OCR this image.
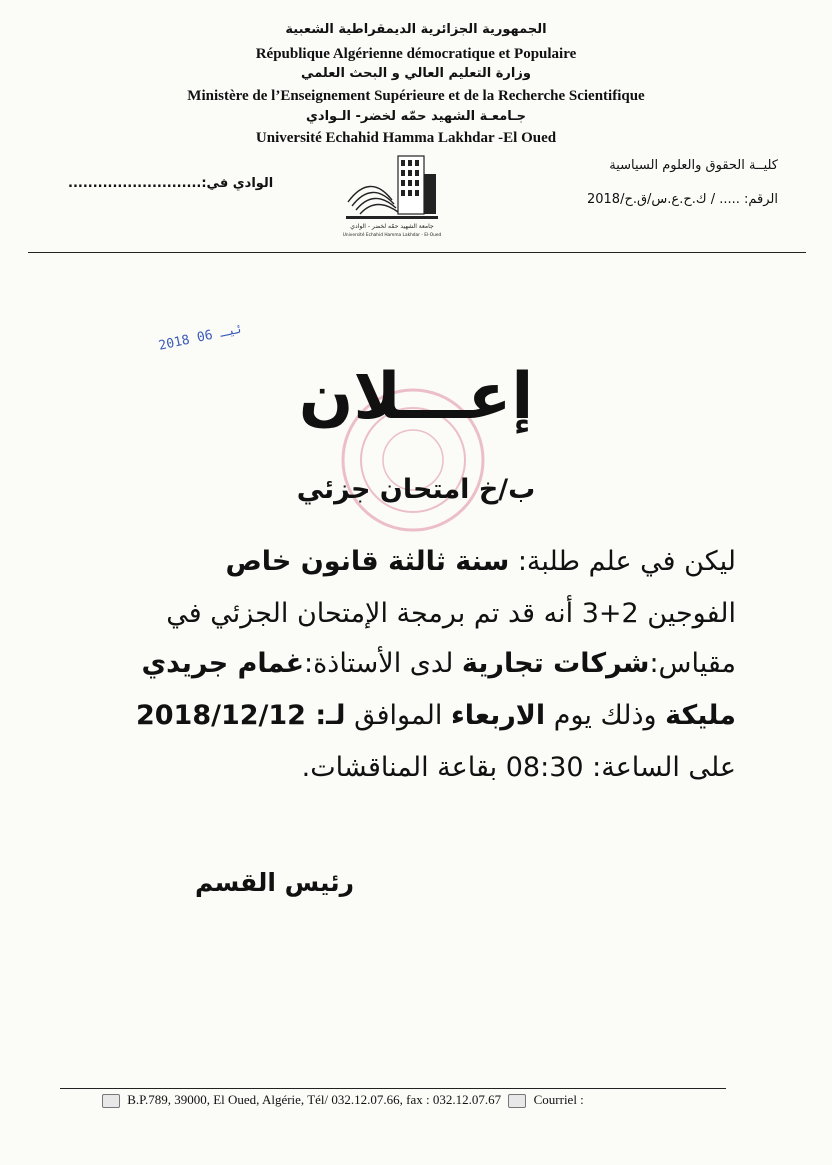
الجمهورية الجزائرية الديمقراطية الشعبية
République Algérienne démocratique et Populaire
وزارة التعليم العالي و البحث العلمي
Ministère de l’Enseignement Supérieure et de la Recherche Scientifique
جـامعـة الشهيد حمّه لخضر- الـوادي
Université Echahid Hamma Lakhdar -El Oued
كليــة الحقوق والعلوم السياسية
الرقم: ..... / ك.ح.ع.س/ق.ح/2018
الوادي في:...........................
جامعة الشهيد حمّه لخضر - الوادي
Université Echahid Hamma Lakhdar - El-Oued
2018 ئيـ 06
إعـــلان
ب/خ امتحان جزئي
ليكن في علم طلبة: سنة ثالثة قانون خاص
الفوجين 2+3 أنه قد تم برمجة الإمتحان الجزئي في
مقياس:شركات تجارية لدى الأستاذة:غمام جريدي
مليكة وذلك يوم الاربعاء الموافق لـ: 2018/12/12
على الساعة: 08:30 بقاعة المناقشات.
رئيس القسم
B.P.789, 39000, El Oued, Algérie, Tél/ 032.12.07.66, fax : 032.12.07.67	Courriel :
